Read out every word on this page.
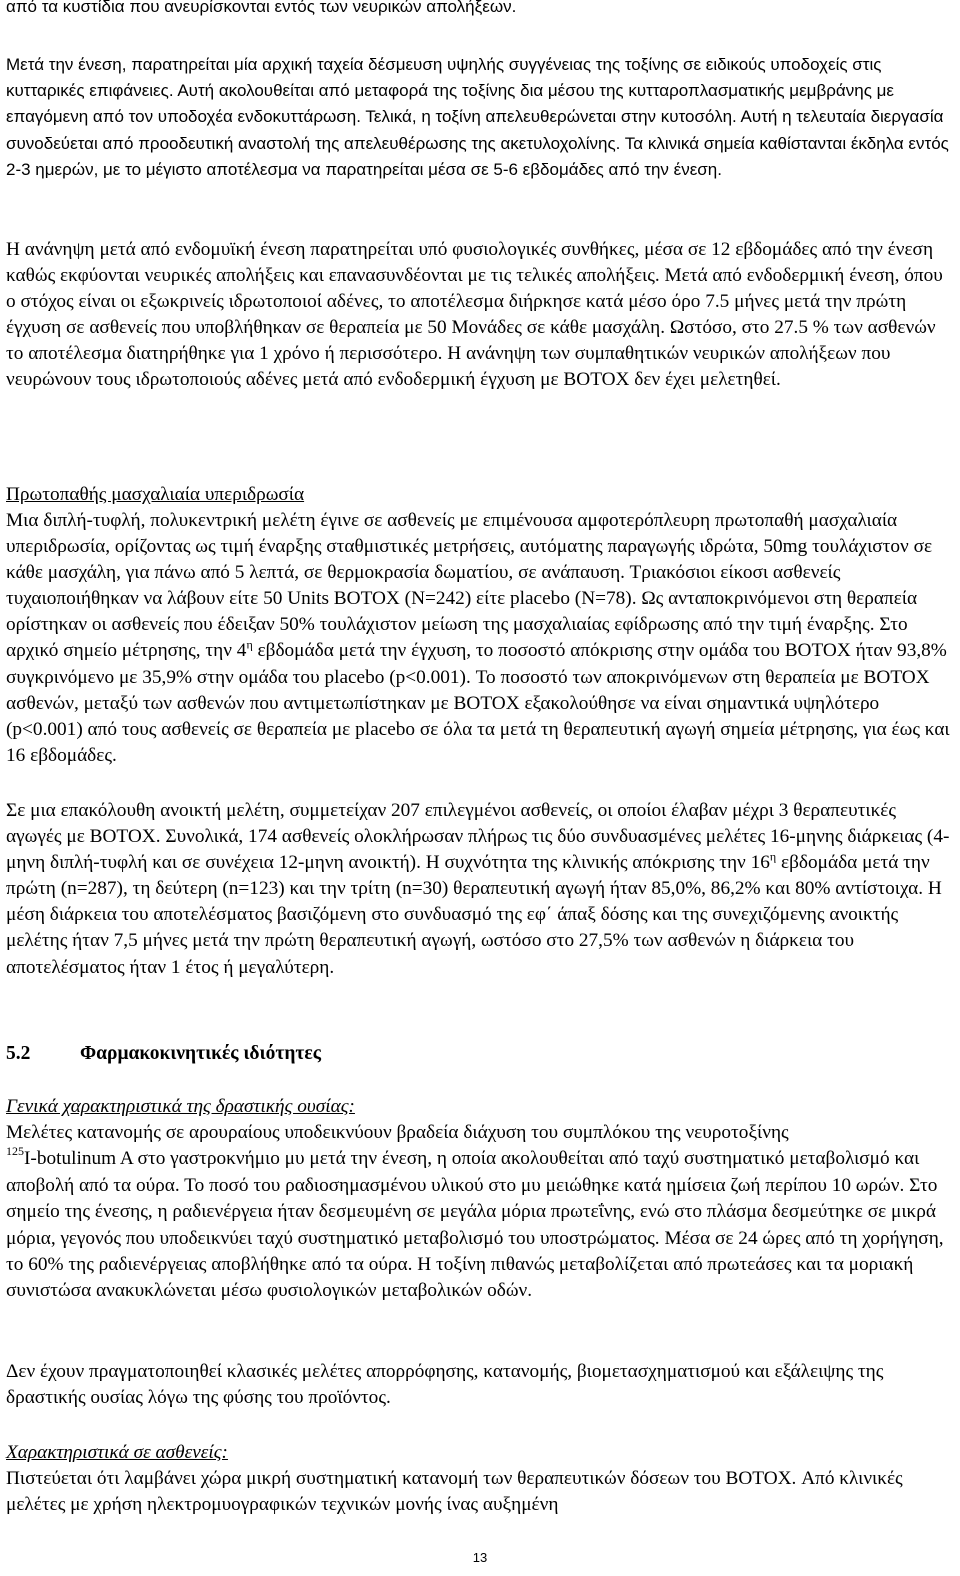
από τα κυστίδια που ανευρίσκονται εντός των νευρικών απολήξεων.

Μετά την ένεση, παρατηρείται μία αρχική ταχεία δέσμευση υψηλής συγγένειας της τοξίνης σε ειδικούς υποδοχείς στις κυτταρικές επιφάνειες. Αυτή ακολουθείται από μεταφορά της τοξίνης δια μέσου της κυτταροπλασματικής μεμβράνης με επαγόμενη από τον υποδοχέα ενδοκυττάρωση. Τελικά, η τοξίνη απελευθερώνεται στην κυτοσόλη. Αυτή η τελευταία διεργασία συνοδεύεται από προοδευτική αναστολή της απελευθέρωσης της ακετυλοχολίνης. Τα κλινικά σημεία καθίστανται έκδηλα εντός 2-3 ημερών, με το μέγιστο αποτέλεσμα να παρατηρείται μέσα σε 5-6 εβδομάδες από την ένεση.

Η ανάνηψη μετά από ενδομυϊκή ένεση παρατηρείται υπό φυσιολογικές συνθήκες, μέσα σε 12 εβδομάδες από την ένεση καθώς εκφύονται νευρικές απολήξεις και επανασυνδέονται με τις τελικές απολήξεις. Μετά από ενδοδερμική ένεση, όπου ο στόχος είναι οι εξωκρινείς ιδρωτοποιοί αδένες, το αποτέλεσμα διήρκησε κατά μέσο όρο 7.5 μήνες μετά την πρώτη έγχυση σε ασθενείς που υποβλήθηκαν σε θεραπεία με 50 Μονάδες σε κάθε μασχάλη. Ωστόσο, στο 27.5 % των ασθενών το αποτέλεσμα διατηρήθηκε για 1 χρόνο ή περισσότερο. Η ανάνηψη των συμπαθητικών νευρικών απολήξεων που νευρώνουν τους ιδρωτοποιούς αδένες μετά από ενδοδερμική έγχυση με BOTOX δεν έχει μελετηθεί.

Πρωτοπαθής μασχαλιαία υπεριδρωσία

Μια διπλή-τυφλή, πολυκεντρική μελέτη έγινε σε ασθενείς με επιμένουσα αμφοτερόπλευρη πρωτοπαθή μασχαλιαία υπεριδρωσία, ορίζοντας ως τιμή έναρξης σταθμιστικές μετρήσεις, αυτόματης παραγωγής ιδρώτα, 50mg τουλάχιστον σε κάθε μασχάλη, για πάνω από 5 λεπτά, σε θερμοκρασία δωματίου, σε ανάπαυση. Τριακόσιοι είκοσι ασθενείς τυχαιοποιήθηκαν να λάβουν είτε 50 Units BOTOX (N=242) είτε placebo (N=78). Ως ανταποκρινόμενοι στη θεραπεία ορίστηκαν οι ασθενείς που έδειξαν 50% τουλάχιστον μείωση της μασχαλιαίας εφίδρωσης από την τιμή έναρξης. Στο αρχικό σημείο μέτρησης, την $4^\eta$ εβδομάδα μετά την έγχυση, το ποσοστό απόκρισης στην ομάδα του BOTOX ήταν 93,8% συγκρινόμενο με 35,9% στην ομάδα του placebo (p<0.001). Το ποσοστό των αποκρινόμενων στη θεραπεία με BOTOX ασθενών, μεταξύ των ασθενών που αντιμετωπίστηκαν με BOTOX εξακολούθησε να είναι σημαντικά υψηλότερο (p<0.001) από τους ασθενείς σε θεραπεία με placebo σε όλα τα μετά τη θεραπευτική αγωγή σημεία μέτρησης, για έως και 16 εβδομάδες.

Σε μια επακόλουθη ανοικτή μελέτη, συμμετείχαν 207 επιλεγμένοι ασθενείς, οι οποίοι έλαβαν μέχρι 3 θεραπευτικές αγωγές με BOTOX. Συνολικά, 174 ασθενείς ολοκλήρωσαν πλήρως τις δύο συνδυασμένες μελέτες 16-μηνης διάρκειας (4-μηνη διπλή-τυφλή και σε συνέχεια 12-μηνη ανοικτή). Η συχνότητα της κλινικής απόκρισης την $16^\eta$ εβδομάδα μετά την πρώτη (n=287), τη δεύτερη (n=123) και την τρίτη (n=30) θεραπευτική αγωγή ήταν 85,0%, 86,2% και 80% αντίστοιχα. Η μέση διάρκεια του αποτελέσματος βασιζόμενη στο συνδυασμό της εφ΄ άπαξ δόσης και της συνεχιζόμενης ανοικτής μελέτης ήταν 7,5 μήνες μετά την πρώτη θεραπευτική αγωγή, ωστόσο στο 27,5% των ασθενών η διάρκεια του αποτελέσματος ήταν 1 έτος ή μεγαλύτερη.

5.2	Φαρμακοκινητικές ιδιότητες

Γενικά χαρακτηριστικά της δραστικής ουσίας:

Μελέτες κατανομής σε αρουραίους υποδεικνύουν βραδεία διάχυση του συμπλόκου της νευροτοξίνης
$^{125}$I-botulinum A στο γαστροκνήμιο μυ μετά την ένεση, η οποία ακολουθείται από ταχύ συστηματικό μεταβολισμό και αποβολή από τα ούρα. Το ποσό του ραδιοσημασμένου υλικού στο μυ μειώθηκε κατά ημίσεια ζωή περίπου 10 ωρών. Στο σημείο της ένεσης, η ραδιενέργεια ήταν δεσμευμένη σε μεγάλα μόρια πρωτεΐνης, ενώ στο πλάσμα δεσμεύτηκε σε μικρά μόρια, γεγονός που υποδεικνύει ταχύ συστηματικό μεταβολισμό του υποστρώματος. Μέσα σε 24 ώρες από τη χορήγηση, το 60% της ραδιενέργειας αποβλήθηκε από τα ούρα. Η τοξίνη πιθανώς μεταβολίζεται από πρωτεάσες και τα μοριακή συνιστώσα ανακυκλώνεται μέσω φυσιολογικών μεταβολικών οδών.

Δεν έχουν πραγματοποιηθεί κλασικές μελέτες απορρόφησης, κατανομής, βιομετασχηματισμού και εξάλειψης της δραστικής ουσίας λόγω της φύσης του προϊόντος.

Χαρακτηριστικά σε ασθενείς:

Πιστεύεται ότι λαμβάνει χώρα μικρή συστηματική κατανομή των θεραπευτικών δόσεων του BOTOX. Από κλινικές μελέτες με χρήση ηλεκτρομυογραφικών τεχνικών μονής ίνας αυξημένη

13
